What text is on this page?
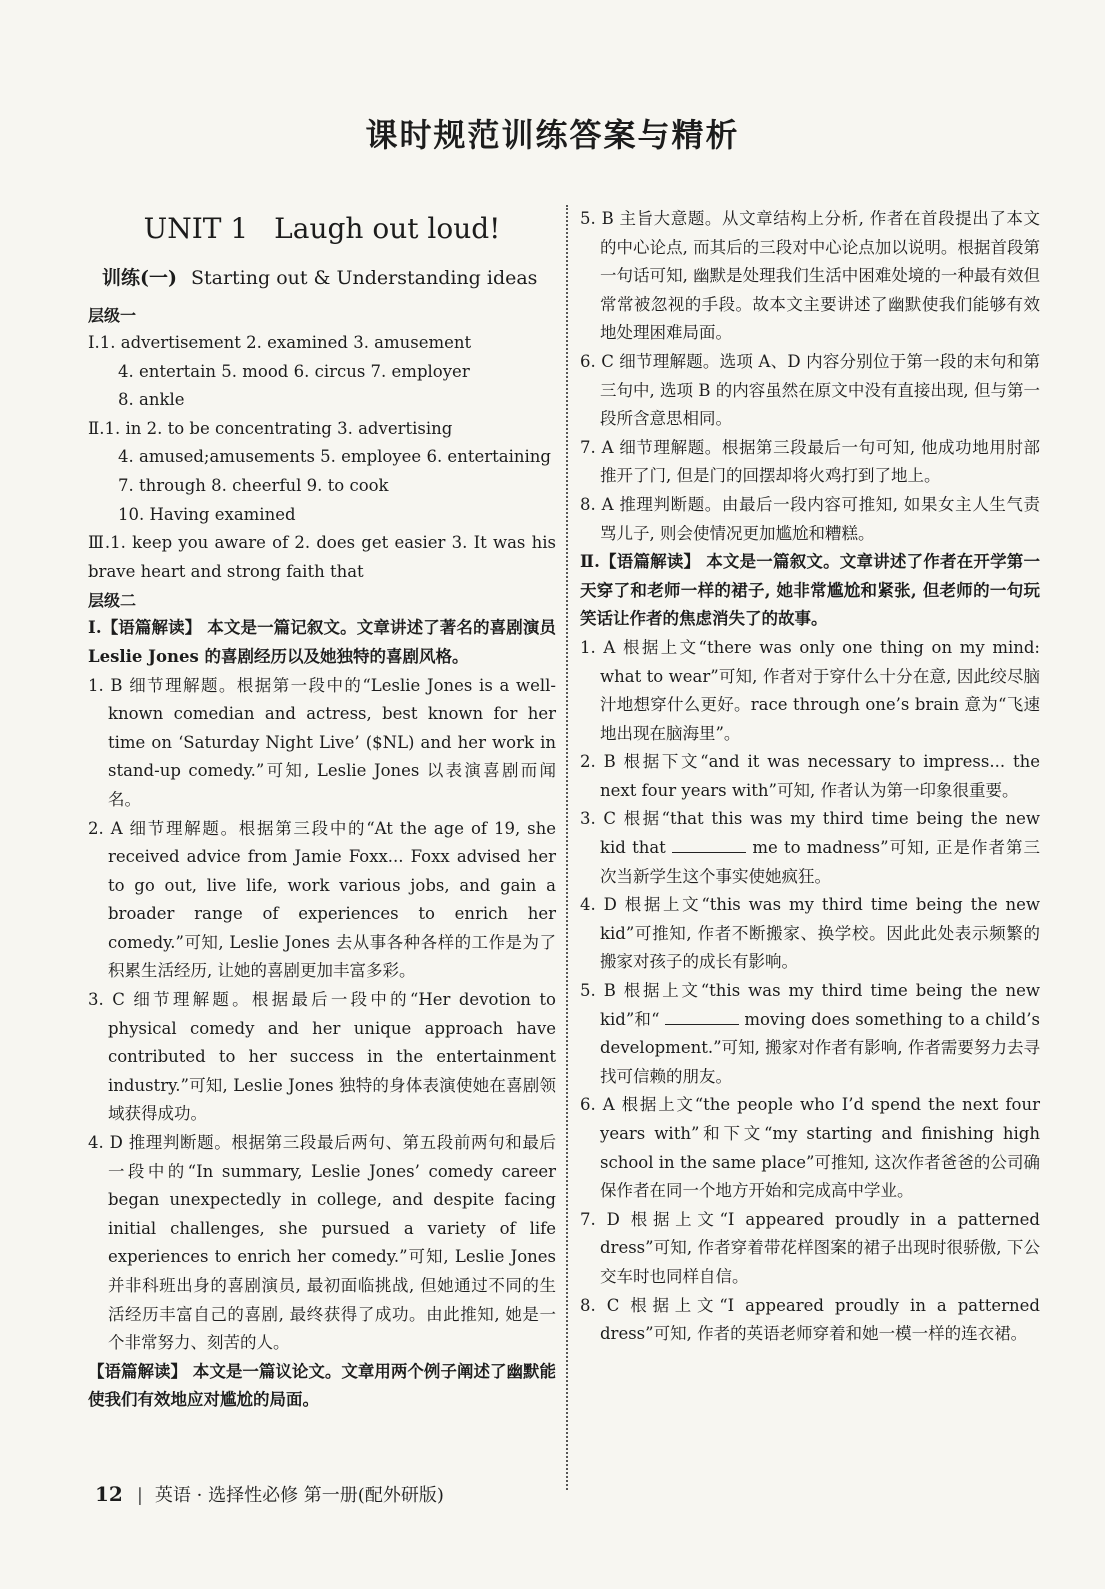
课时规范训练答案与精析
UNIT 1 Laugh out loud!
训练(一) Starting out & Understanding ideas
层级一
Ⅰ.1. advertisement 2. examined 3. amusement
4. entertain 5. mood 6. circus 7. employer
8. ankle
Ⅱ.1. in 2. to be concentrating 3. advertising
4. amused;amusements 5. employee 6. entertaining
7. through 8. cheerful 9. to cook
10. Having examined
Ⅲ.1. keep you aware of 2. does get easier 3. It was his brave heart and strong faith that
层级二
Ⅰ.【语篇解读】 本文是一篇记叙文。文章讲述了著名的喜剧演员 Leslie Jones 的喜剧经历以及她独特的喜剧风格。
1. B 细节理解题。根据第一段中的“Leslie Jones is a well-known comedian and actress, best known for her time on ‘Saturday Night Live’ ($NL) and her work in stand-up comedy.”可知, Leslie Jones 以表演喜剧而闻名。
2. A 细节理解题。根据第三段中的“At the age of 19, she received advice from Jamie Foxx... Foxx advised her to go out, live life, work various jobs, and gain a broader range of experiences to enrich her comedy.”可知, Leslie Jones 去从事各种各样的工作是为了积累生活经历, 让她的喜剧更加丰富多彩。
3. C 细节理解题。根据最后一段中的“Her devotion to physical comedy and her unique approach have contributed to her success in the entertainment industry.”可知, Leslie Jones 独特的身体表演使她在喜剧领域获得成功。
4. D 推理判断题。根据第三段最后两句、第五段前两句和最后一段中的“In summary, Leslie Jones’ comedy career began unexpectedly in college, and despite facing initial challenges, she pursued a variety of life experiences to enrich her comedy.”可知, Leslie Jones 并非科班出身的喜剧演员, 最初面临挑战, 但她通过不同的生活经历丰富自己的喜剧, 最终获得了成功。由此推知, 她是一个非常努力、刻苦的人。
【语篇解读】 本文是一篇议论文。文章用两个例子阐述了幽默能使我们有效地应对尴尬的局面。
5. B 主旨大意题。从文章结构上分析, 作者在首段提出了本文的中心论点, 而其后的三段对中心论点加以说明。根据首段第一句话可知, 幽默是处理我们生活中困难处境的一种最有效但常常被忽视的手段。故本文主要讲述了幽默使我们能够有效地处理困难局面。
6. C 细节理解题。选项 A、D 内容分别位于第一段的末句和第三句中, 选项 B 的内容虽然在原文中没有直接出现, 但与第一段所含意思相同。
7. A 细节理解题。根据第三段最后一句可知, 他成功地用肘部推开了门, 但是门的回摆却将火鸡打到了地上。
8. A 推理判断题。由最后一段内容可推知, 如果女主人生气责骂儿子, 则会使情况更加尴尬和糟糕。
Ⅱ.【语篇解读】 本文是一篇叙文。文章讲述了作者在开学第一天穿了和老师一样的裙子, 她非常尴尬和紧张, 但老师的一句玩笑话让作者的焦虑消失了的故事。
1. A 根据上文“there was only one thing on my mind: what to wear”可知, 作者对于穿什么十分在意, 因此绞尽脑汁地想穿什么更好。race through one’s brain 意为“飞速地出现在脑海里”。
2. B 根据下文“and it was necessary to impress... the next four years with”可知, 作者认为第一印象很重要。
3. C 根据“that this was my third time being the new kid that	me to madness”可知, 正是作者第三次当新学生这个事实使她疯狂。
4. D 根据上文“this was my third time being the new kid”可推知, 作者不断搬家、换学校。因此此处表示频繁的搬家对孩子的成长有影响。
5. B 根据上文“this was my third time being the new kid”和“	moving does something to a child’s development.”可知, 搬家对作者有影响, 作者需要努力去寻找可信赖的朋友。
6. A 根据上文“the people who I’d spend the next four years with”和下文“my starting and finishing high school in the same place”可推知, 这次作者爸爸的公司确保作者在同一个地方开始和完成高中学业。
7. D 根据上文“I appeared proudly in a patterned dress”可知, 作者穿着带花样图案的裙子出现时很骄傲, 下公交车时也同样自信。
8. C 根据上文“I appeared proudly in a patterned dress”可知, 作者的英语老师穿着和她一模一样的连衣裙。
12 | 英语 · 选择性必修 第一册(配外研版)
